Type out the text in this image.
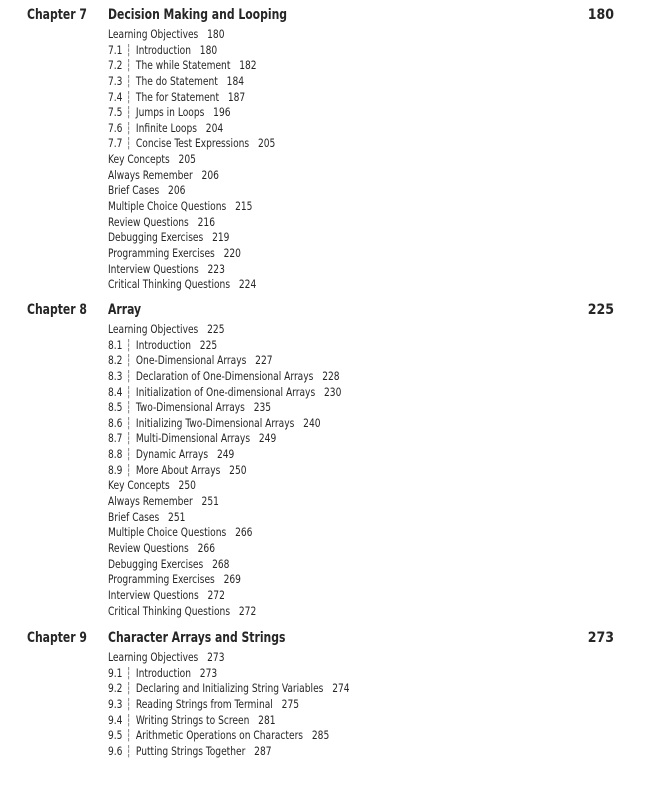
Chapter 7 Decision Making and Looping	180
Learning Objectives 180
7.1 ┆ Introduction 180
7.2 ┆ The while Statement 182
7.3 ┆ The do Statement 184
7.4 ┆ The for Statement 187
7.5 ┆ Jumps in Loops 196
7.6 ┆ Infinite Loops 204
7.7 ┆ Concise Test Expressions 205
Key Concepts 205
Always Remember 206
Brief Cases 206
Multiple Choice Questions 215
Review Questions 216
Debugging Exercises 219
Programming Exercises 220
Interview Questions 223
Critical Thinking Questions 224
Chapter 8 Array	225
Learning Objectives 225
8.1 ┆ Introduction 225
8.2 ┆ One-Dimensional Arrays 227
8.3 ┆ Declaration of One-Dimensional Arrays 228
8.4 ┆ Initialization of One-dimensional Arrays 230
8.5 ┆ Two-Dimensional Arrays 235
8.6 ┆ Initializing Two-Dimensional Arrays 240
8.7 ┆ Multi-Dimensional Arrays 249
8.8 ┆ Dynamic Arrays 249
8.9 ┆ More About Arrays 250
Key Concepts 250
Always Remember 251
Brief Cases 251
Multiple Choice Questions 266
Review Questions 266
Debugging Exercises 268
Programming Exercises 269
Interview Questions 272
Critical Thinking Questions 272
Chapter 9 Character Arrays and Strings	273
Learning Objectives 273
9.1 ┆ Introduction 273
9.2 ┆ Declaring and Initializing String Variables 274
9.3 ┆ Reading Strings from Terminal 275
9.4 ┆ Writing Strings to Screen 281
9.5 ┆ Arithmetic Operations on Characters 285
9.6 ┆ Putting Strings Together 287
